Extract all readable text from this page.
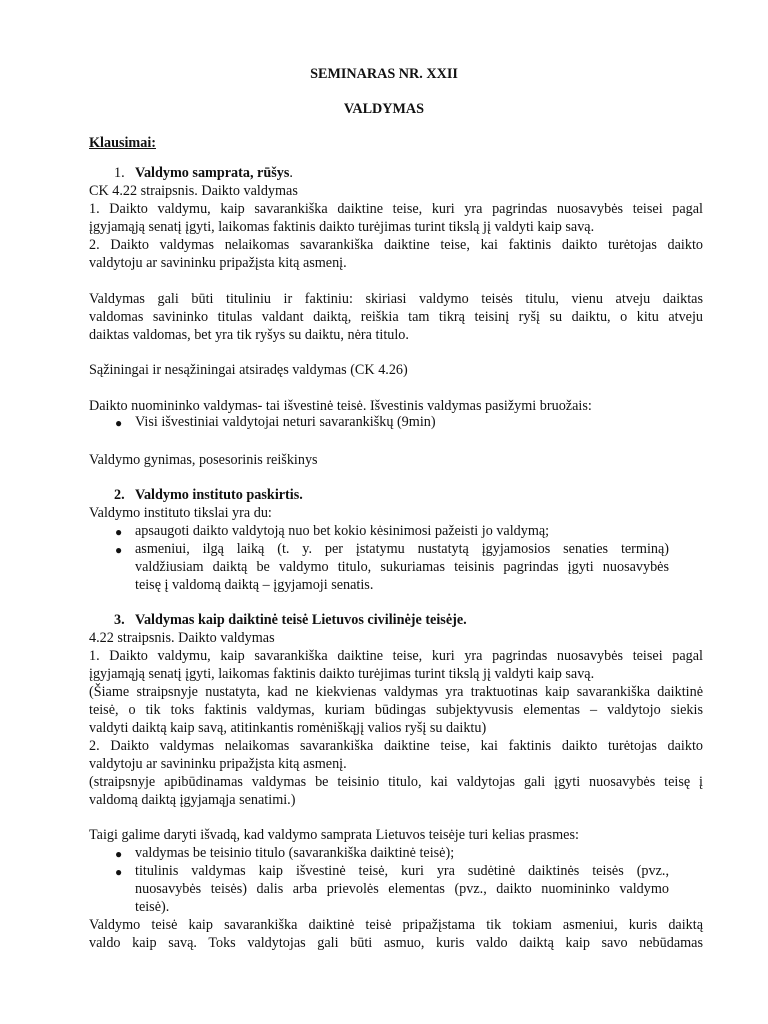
SEMINARAS NR. XXII
VALDYMAS
Klausimai:
1. Valdymo samprata, rūšys.
CK 4.22 straipsnis. Daikto valdymas
1. Daikto valdymu, kaip savarankiška daiktine teise, kuri yra pagrindas nuosavybės teisei pagal
įgyjamąją senatį įgyti, laikomas faktinis daikto turėjimas turint tikslą jį valdyti kaip savą.
2. Daikto valdymas nelaikomas savarankiška daiktine teise, kai faktinis daikto turėtojas daikto
valdytoju ar savininku pripažįsta kitą asmenį.
Valdymas gali būti tituliniu ir faktiniu: skiriasi valdymo teisės titulu, vienu atveju daiktas
valdomas savininko titulas valdant daiktą, reiškia tam tikrą teisinį ryšį su daiktu, o kitu atveju
daiktas valdomas, bet yra tik ryšys su daiktu, nėra titulo.
Sąžiningai ir nesąžiningai atsiradęs valdymas (CK 4.26)
Daikto nuomininko valdymas- tai išvestinė teisė. Išvestinis valdymas pasižymi bruožais:
● Visi išvestiniai valdytojai neturi savarankiškų (9min)
Valdymo gynimas, posesorinis reiškinys
2. Valdymo instituto paskirtis.
Valdymo instituto tikslai yra du:
● apsaugoti daikto valdytoją nuo bet kokio kėsinimosi pažeisti jo valdymą;
● asmeniui, ilgą laiką (t. y. per įstatymu nustatytą įgyjamosios senaties terminą)
valdžiusiam daiktą be valdymo titulo, sukuriamas teisinis pagrindas įgyti nuosavybės
teisę į valdomą daiktą – įgyjamoji senatis.
3. Valdymas kaip daiktinė teisė Lietuvos civilinėje teisėje.
4.22 straipsnis. Daikto valdymas
1. Daikto valdymu, kaip savarankiška daiktine teise, kuri yra pagrindas nuosavybės teisei pagal
įgyjamąją senatį įgyti, laikomas faktinis daikto turėjimas turint tikslą jį valdyti kaip savą.
(Šiame straipsnyje nustatyta, kad ne kiekvienas valdymas yra traktuotinas kaip savarankiška daiktinė
teisė, o tik toks faktinis valdymas, kuriam būdingas subjektyvusis elementas – valdytojo siekis
valdyti daiktą kaip savą, atitinkantis romėniškąjį valios ryšį su daiktu)
2. Daikto valdymas nelaikomas savarankiška daiktine teise, kai faktinis daikto turėtojas daikto
valdytoju ar savininku pripažįsta kitą asmenį.
(straipsnyje apibūdinamas valdymas be teisinio titulo, kai valdytojas gali įgyti nuosavybės teisę į
valdomą daiktą įgyjamąja senatimi.)
Taigi galime daryti išvadą, kad valdymo samprata Lietuvos teisėje turi kelias prasmes:
● valdymas be teisinio titulo (savarankiška daiktinė teisė);
● titulinis valdymas kaip išvestinė teisė, kuri yra sudėtinė daiktinės teisės (pvz.,
nuosavybės teisės) dalis arba prievolės elementas (pvz., daikto nuomininko valdymo
teisė).
Valdymo teisė kaip savarankiška daiktinė teisė pripažįstama tik tokiam asmeniui, kuris daiktą
valdo kaip savą. Toks valdytojas gali būti asmuo, kuris valdo daiktą kaip savo nebūdamas
